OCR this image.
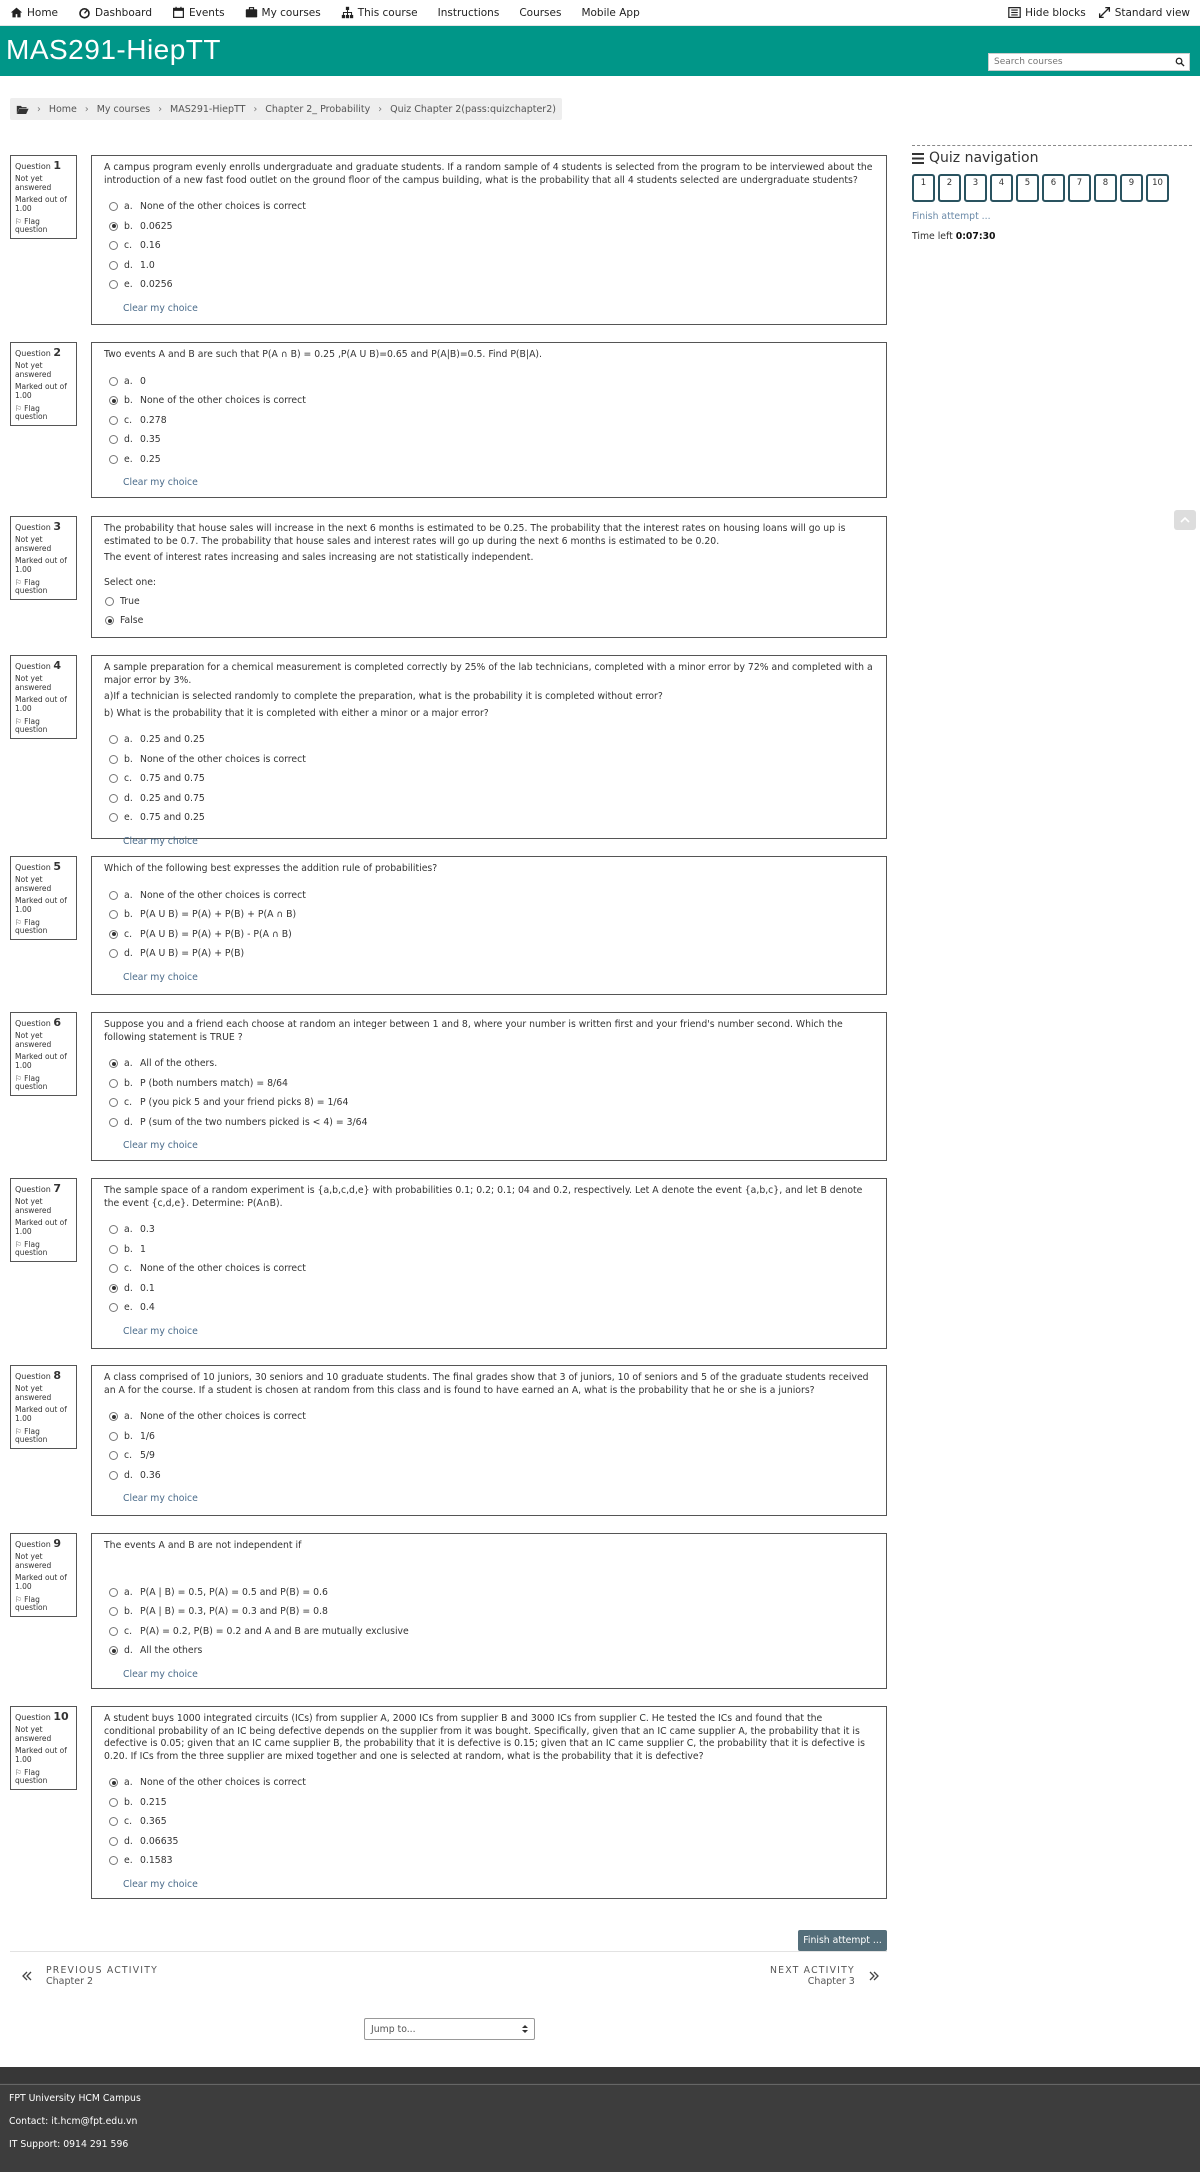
Home	Dashboard	Events	My courses	This course Instructions Courses Mobile App	Hide blocks	Standard view
MAS291-HiepTT
Search courses
› Home › My courses › MAS291-HiepTT › Chapter 2_ Probability › Quiz Chapter 2(pass:quizchapter2)
Question 1
Not yet answered
Marked out of 1.00
⚐ Flag question
A campus program evenly enrolls undergraduate and graduate students. If a random sample of 4 students is selected from the program to be interviewed about the introduction of a new fast food outlet on the ground floor of the campus building, what is the probability that all 4 students selected are undergraduate students?
a. None of the other choices is correct
b. 0.0625
c. 0.16
d. 1.0
e. 0.0256
Clear my choice
Question 2
Not yet answered
Marked out of 1.00
⚐ Flag question
Two events A and B are such that P(A ∩ B) = 0.25 ,P(A U B)=0.65 and P(A|B)=0.5. Find P(B|A).
a. 0
b. None of the other choices is correct
c. 0.278
d. 0.35
e. 0.25
Clear my choice
Question 3
Not yet answered
Marked out of 1.00
⚐ Flag question
The probability that house sales will increase in the next 6 months is estimated to be 0.25. The probability that the interest rates on housing loans will go up is estimated to be 0.7. The probability that house sales and interest rates will go up during the next 6 months is estimated to be 0.20.
The event of interest rates increasing and sales increasing are not statistically independent.
Select one:
True
False
Question 4
Not yet answered
Marked out of 1.00
⚐ Flag question
A sample preparation for a chemical measurement is completed correctly by 25% of the lab technicians, completed with a minor error by 72% and completed with a major error by 3%.
a)If a technician is selected randomly to complete the preparation, what is the probability it is completed without error?
b) What is the probability that it is completed with either a minor or a major error?
a. 0.25 and 0.25
b. None of the other choices is correct
c. 0.75 and 0.75
d. 0.25 and 0.75
e. 0.75 and 0.25
Clear my choice
Question 5
Not yet answered
Marked out of 1.00
⚐ Flag question
Which of the following best expresses the addition rule of probabilities?
a. None of the other choices is correct
b. P(A U B) = P(A) + P(B) + P(A ∩ B)
c. P(A U B) = P(A) + P(B) - P(A ∩ B)
d. P(A U B) = P(A) + P(B)
Clear my choice
Question 6
Not yet answered
Marked out of 1.00
⚐ Flag question
Suppose you and a friend each choose at random an integer between 1 and 8, where your number is written first and your friend's number second. Which the following statement is TRUE ?
a. All of the others.
b. P (both numbers match) = 8/64
c. P (you pick 5 and your friend picks 8) = 1/64
d. P (sum of the two numbers picked is < 4) = 3/64
Clear my choice
Question 7
Not yet answered
Marked out of 1.00
⚐ Flag question
The sample space of a random experiment is {a,b,c,d,e} with probabilities 0.1; 0.2; 0.1; 04 and 0.2, respectively. Let A denote the event {a,b,c}, and let B denote the event {c,d,e}. Determine: P(A∩B).
a. 0.3
b. 1
c. None of the other choices is correct
d. 0.1
e. 0.4
Clear my choice
Question 8
Not yet answered
Marked out of 1.00
⚐ Flag question
A class comprised of 10 juniors, 30 seniors and 10 graduate students. The final grades show that 3 of juniors, 10 of seniors and 5 of the graduate students received an A for the course. If a student is chosen at random from this class and is found to have earned an A, what is the probability that he or she is a juniors?
a. None of the other choices is correct
b. 1/6
c. 5/9
d. 0.36
Clear my choice
Question 9
Not yet answered
Marked out of 1.00
⚐ Flag question
The events A and B are not independent if
a. P(A | B) = 0.5, P(A) = 0.5 and P(B) = 0.6
b. P(A | B) = 0.3, P(A) = 0.3 and P(B) = 0.8
c. P(A) = 0.2, P(B) = 0.2 and A and B are mutually exclusive
d. All the others
Clear my choice
Question 10
Not yet answered
Marked out of 1.00
⚐ Flag question
A student buys 1000 integrated circuits (ICs) from supplier A, 2000 ICs from supplier B and 3000 ICs from supplier C. He tested the ICs and found that the conditional probability of an IC being defective depends on the supplier from it was bought. Specifically, given that an IC came supplier A, the probability that it is defective is 0.05; given that an IC came supplier B, the probability that it is defective is 0.15; given that an IC came supplier C, the probability that it is defective is 0.20. If ICs from the three supplier are mixed together and one is selected at random, what is the probability that it is defective?
a. None of the other choices is correct
b. 0.215
c. 0.365
d. 0.06635
e. 0.1583
Clear my choice
Quiz navigation
1	2	3	4	5	6	7	8	9	10
Finish attempt ...
Time left 0:07:30
Finish attempt ...
PREVIOUS ACTIVITY
Chapter 2
NEXT ACTIVITY
Chapter 3
Jump to...
FPT University HCM Campus
Contact: it.hcm@fpt.edu.vn
IT Support: 0914 291 596
